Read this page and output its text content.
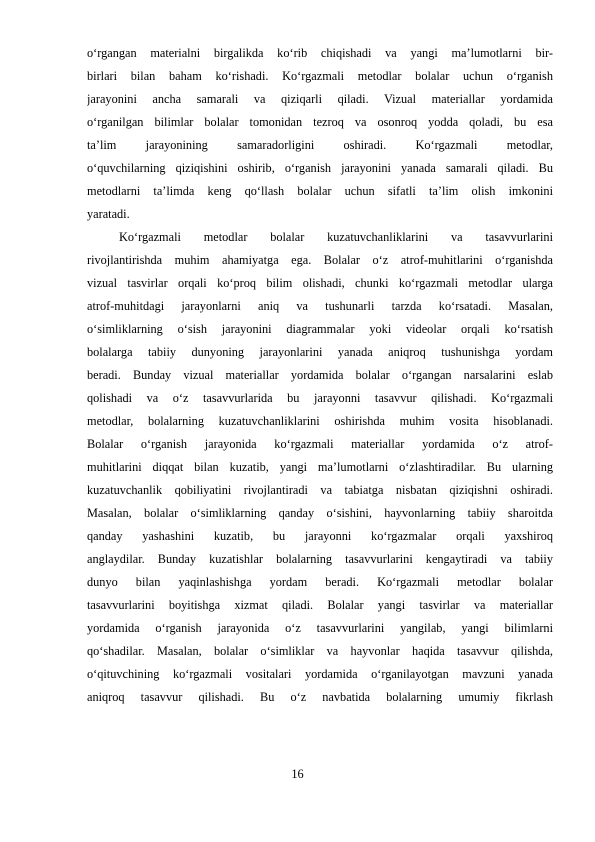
o‘rgangan materialni birgalikda ko‘rib chiqishadi va yangi ma’lumotlarni bir-
birlari bilan baham ko‘rishadi. Ko‘rgazmali metodlar bolalar uchun o‘rganish
jarayonini ancha samarali va qiziqarli qiladi. Vizual materiallar yordamida
o‘rganilgan bilimlar bolalar tomonidan tezroq va osonroq yodda qoladi, bu esa
ta’lim jarayonining samaradorligini oshiradi. Ko‘rgazmali metodlar,
o‘quvchilarning qiziqishini oshirib, o‘rganish jarayonini yanada samarali qiladi. Bu
metodlarni ta’limda keng qo‘llash bolalar uchun sifatli ta’lim olish imkonini
yaratadi.
Ko‘rgazmali metodlar bolalar kuzatuvchanliklarini va tasavvurlarini
rivojlantirishda muhim ahamiyatga ega. Bolalar o‘z atrof-muhitlarini o‘rganishda
vizual tasvirlar orqali ko‘proq bilim olishadi, chunki ko‘rgazmali metodlar ularga
atrof-muhitdagi jarayonlarni aniq va tushunarli tarzda ko‘rsatadi. Masalan,
o‘simliklarning o‘sish jarayonini diagrammalar yoki videolar orqali ko‘rsatish
bolalarga tabiiy dunyoning jarayonlarini yanada aniqroq tushunishga yordam
beradi. Bunday vizual materiallar yordamida bolalar o‘rgangan narsalarini eslab
qolishadi va o‘z tasavvurlarida bu jarayonni tasavvur qilishadi. Ko‘rgazmali
metodlar, bolalarning kuzatuvchanliklarini oshirishda muhim vosita hisoblanadi.
Bolalar o‘rganish jarayonida ko‘rgazmali materiallar yordamida o‘z atrof-
muhitlarini diqqat bilan kuzatib, yangi ma’lumotlarni o‘zlashtiradilar. Bu ularning
kuzatuvchanlik qobiliyatini rivojlantiradi va tabiatga nisbatan qiziqishni oshiradi.
Masalan, bolalar o‘simliklarning qanday o‘sishini, hayvonlarning tabiiy sharoitda
qanday yashashini kuzatib, bu jarayonni ko‘rgazmalar orqali yaxshiroq
anglaydilar. Bunday kuzatishlar bolalarning tasavvurlarini kengaytiradi va tabiiy
dunyo bilan yaqinlashishga yordam beradi. Ko‘rgazmali metodlar bolalar
tasavvurlarini boyitishga xizmat qiladi. Bolalar yangi tasvirlar va materiallar
yordamida o‘rganish jarayonida o‘z tasavvurlarini yangilab, yangi bilimlarni
qo‘shadilar. Masalan, bolalar o‘simliklar va hayvonlar haqida tasavvur qilishda,
o‘qituvchining ko‘rgazmali vositalari yordamida o‘rganilayotgan mavzuni yanada
aniqroq tasavvur qilishadi. Bu o‘z navbatida bolalarning umumiy fikrlash
16
